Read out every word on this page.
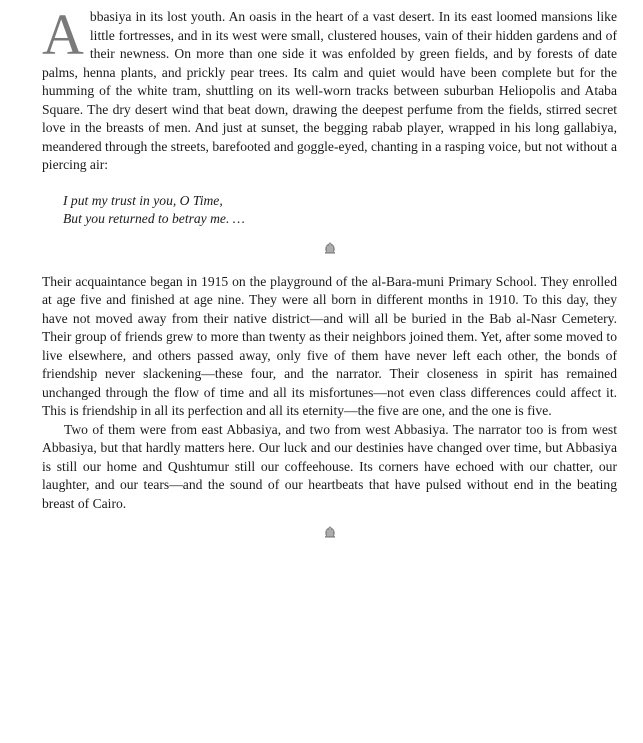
Abbasiya in its lost youth. An oasis in the heart of a vast desert. In its east loomed mansions like little fortresses, and in its west were small, clustered houses, vain of their hidden gardens and of their newness. On more than one side it was enfolded by green fields, and by forests of date palms, henna plants, and prickly pear trees. Its calm and quiet would have been complete but for the humming of the white tram, shuttling on its well-worn tracks between suburban Heliopolis and Ataba Square. The dry desert wind that beat down, drawing the deepest perfume from the fields, stirred secret love in the breasts of men. And just at sunset, the begging rabab player, wrapped in his long gallabiya, meandered through the streets, barefooted and goggle-eyed, chanting in a rasping voice, but not without a piercing air:

I put my trust in you, O Time,
But you returned to betray me. …

Their acquaintance began in 1915 on the playground of the al-Bara-muni Primary School. They enrolled at age five and finished at age nine. They were all born in different months in 1910. To this day, they have not moved away from their native district—and will all be buried in the Bab al-Nasr Cemetery. Their group of friends grew to more than twenty as their neighbors joined them. Yet, after some moved to live elsewhere, and others passed away, only five of them have never left each other, the bonds of friendship never slackening—these four, and the narrator. Their closeness in spirit has remained unchanged through the flow of time and all its misfortunes—not even class differences could affect it. This is friendship in all its perfection and all its eternity—the five are one, and the one is five.

Two of them were from east Abbasiya, and two from west Abbasiya. The narrator too is from west Abbasiya, but that hardly matters here. Our luck and our destinies have changed over time, but Abbasiya is still our home and Qushtumur still our coffeehouse. Its corners have echoed with our chatter, our laughter, and our tears—and the sound of our heartbeats that have pulsed without end in the beating breast of Cairo.
